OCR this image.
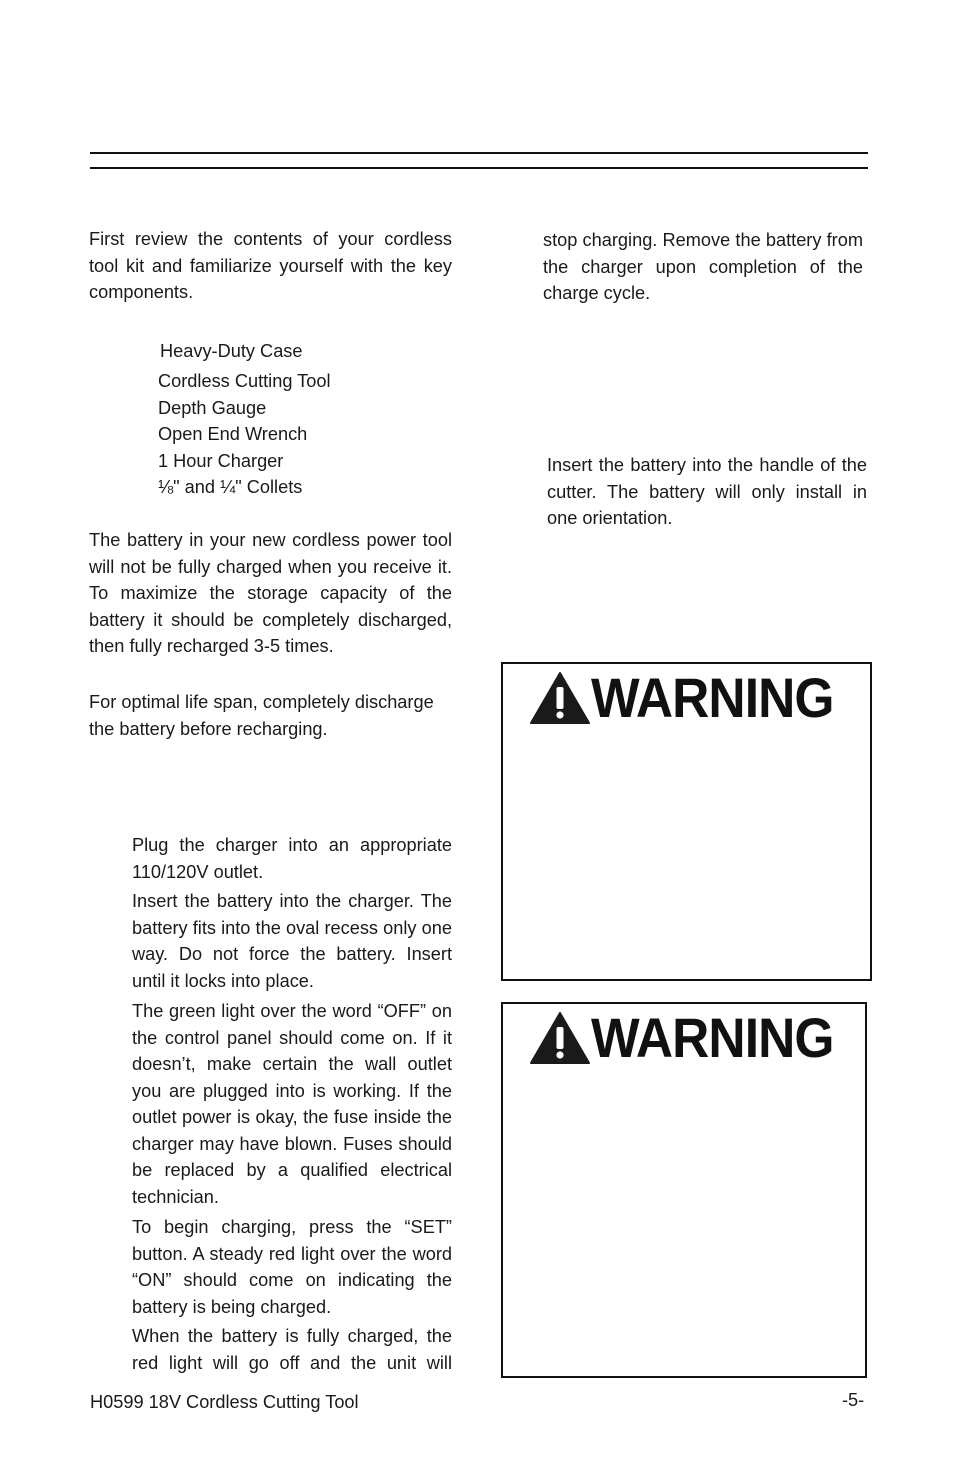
First review the contents of your cordless tool kit and familiarize yourself with the key components.

Heavy-Duty Case
Cordless Cutting Tool
Depth Gauge
Open End Wrench
1 Hour Charger
⅛" and ¼" Collets

The battery in your new cordless power tool will not be fully charged when you receive it. To maximize the storage capacity of the battery it should be completely discharged, then fully recharged 3-5 times.

For optimal life span, completely discharge the battery before recharging.

Plug the charger into an appropriate 110/120V outlet.

Insert the battery into the charger. The battery fits into the oval recess only one way. Do not force the battery. Insert until it locks into place.

The green light over the word “OFF” on the control panel should come on. If it doesn’t, make certain the wall outlet you are plugged into is working. If the outlet power is okay, the fuse inside the charger may have blown. Fuses should be replaced by a qualified electrical technician.

To begin charging, press the “SET” button. A steady red light over the word “ON” should come on indicating the battery is being charged.

When the battery is fully charged, the red light will go off and the unit will

stop charging. Remove the battery from the charger upon completion of the charge cycle.

Insert the battery into the handle of the cutter. The battery will only install in one orientation.

WARNING
WARNING
H0599 18V Cordless Cutting Tool	-5-
